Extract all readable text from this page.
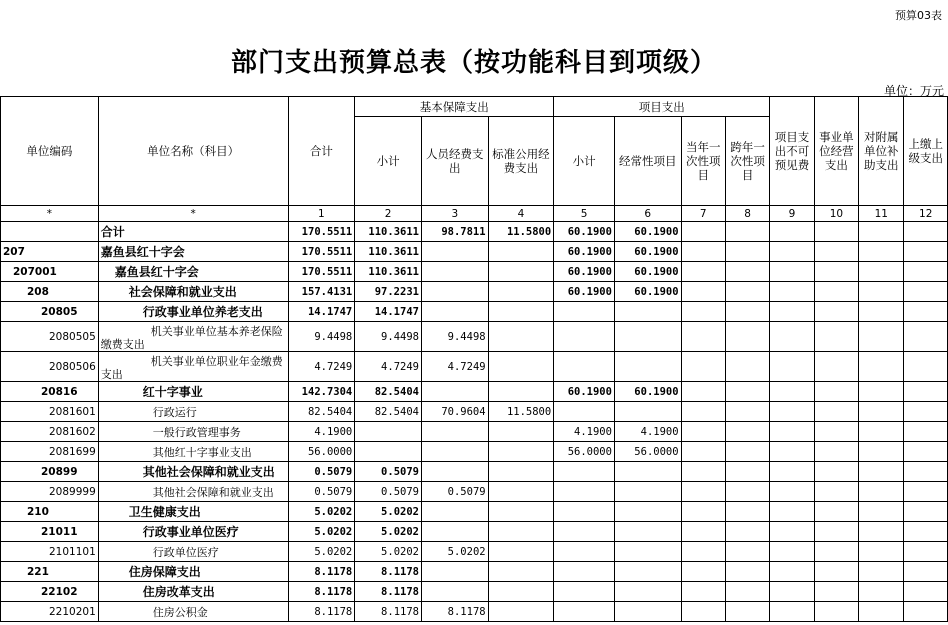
预算03表
部门支出预算总表（按功能科目到项级）
单位：万元
单位编码	单位名称（科目）	合计	基本保障支出			项目支出				项目支出不可预见费	事业单位经营支出	对附属单位补助支出	上缴上级支出
			小计	人员经费支出	标准公用经费支出	小计	经常性项目	当年一次性项目	跨年一次性项目				
*	*	1	2	3	4	5	6	7	8	9	10	11	12
	合计	170.5511	110.3611	98.7811	11.5800	60.1900	60.1900						
207	嘉鱼县红十字会	170.5511	110.3611			60.1900	60.1900						
207001	嘉鱼县红十字会	170.5511	110.3611			60.1900	60.1900						
208	社会保障和就业支出	157.4131	97.2231			60.1900	60.1900						
20805	行政事业单位养老支出	14.1747	14.1747										
2080505	机关事业单位基本养老保险缴费支出	9.4498	9.4498	9.4498									
2080506	机关事业单位职业年金缴费支出	4.7249	4.7249	4.7249									
20816	红十字事业	142.7304	82.5404			60.1900	60.1900						
2081601	行政运行	82.5404	82.5404	70.9604	11.5800								
2081602	一般行政管理事务	4.1900				4.1900	4.1900						
2081699	其他红十字事业支出	56.0000				56.0000	56.0000						
20899	其他社会保障和就业支出	0.5079	0.5079										
2089999	其他社会保障和就业支出	0.5079	0.5079	0.5079									
210	卫生健康支出	5.0202	5.0202										
21011	行政事业单位医疗	5.0202	5.0202										
2101101	行政单位医疗	5.0202	5.0202	5.0202									
221	住房保障支出	8.1178	8.1178										
22102	住房改革支出	8.1178	8.1178										
2210201	住房公积金	8.1178	8.1178	8.1178									
